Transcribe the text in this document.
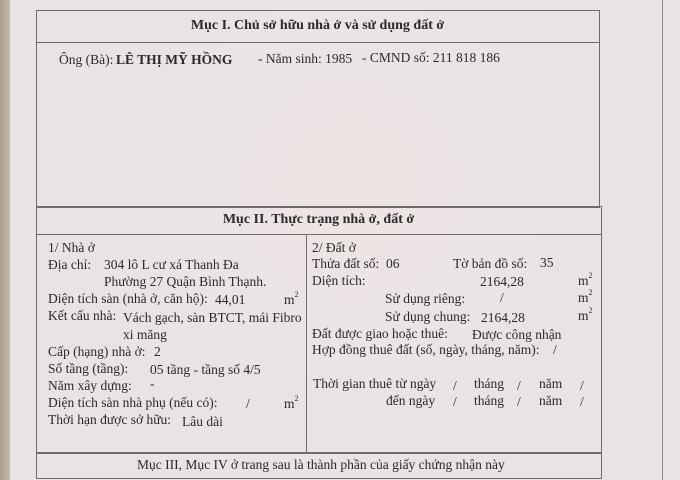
Mục I. Chủ sở hữu nhà ở và sử dụng đất ở
Ông (Bà): LÊ THỊ MỸ HỒNG - Năm sinh: 1985 - CMND số: 211 818 186
Mục II. Thực trạng nhà ở, đất ở
1/ Nhà ở
Địa chỉ: 304 lô L cư xá Thanh Đa
Phường 27 Quận Bình Thạnh.
Diện tích sàn (nhà ở, căn hộ): 44,01	$m^2$
Kết cấu nhà: Vách gạch, sàn BTCT, mái Fibro
xi măng
Cấp (hạng) nhà ở: 2
Số tầng (tầng): 05 tầng - tầng số 4/5
Năm xây dựng: -
Diện tích sàn nhà phụ (nếu có): /	$m^2$
Thời hạn được sở hữu: Lâu dài
2/ Đất ở
Thửa đất số: 06	Tờ bản đồ số: 35
Diện tích:	2164,28	$m^2$
Sử dụng riêng:	/	$m^2$
Sử dụng chung: 2164,28	$m^2$
Đất được giao hoặc thuê: Được công nhận
Hợp đồng thuê đất (số, ngày, tháng, năm): /
Thời gian thuê từ ngày / tháng / năm /
đến ngày / tháng / năm /
Mục III, Mục IV ở trang sau là thành phần của giấy chứng nhận này
